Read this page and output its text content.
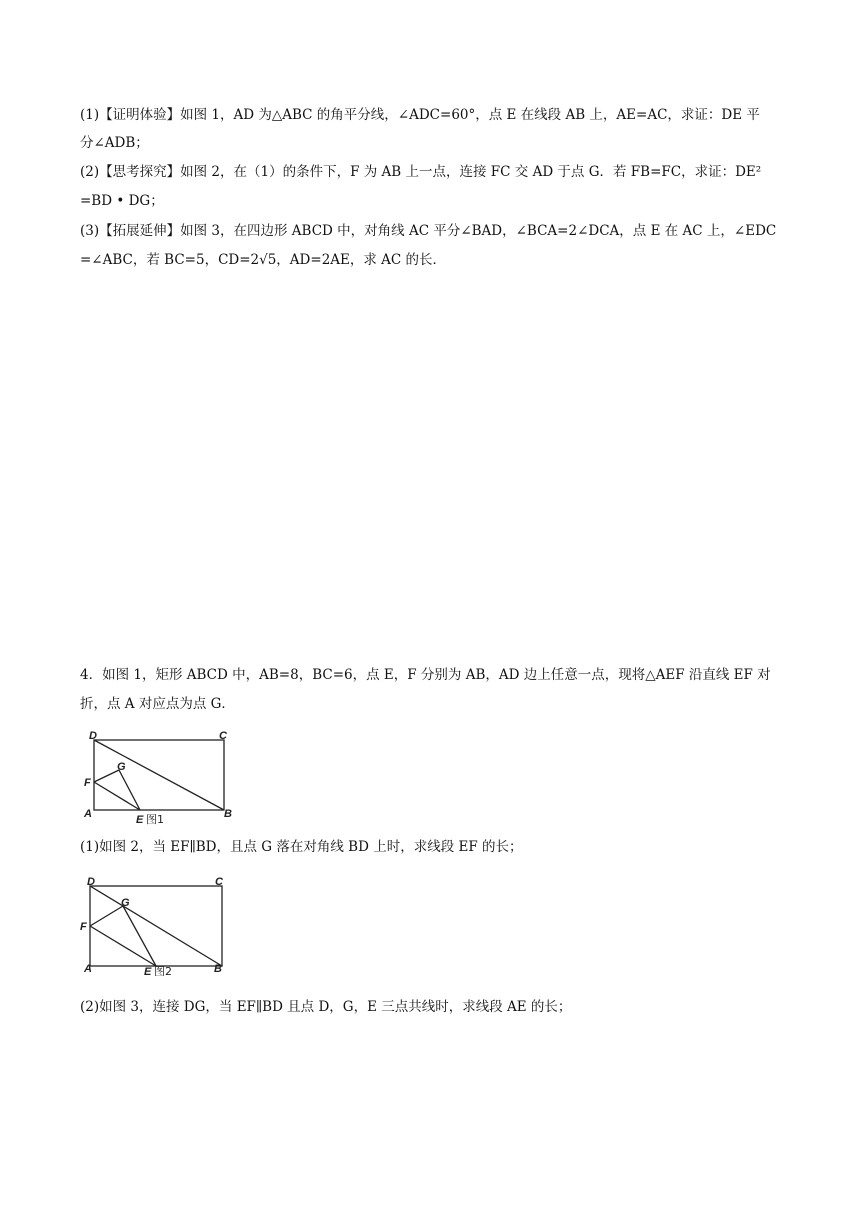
(1)【证明体验】如图 1，AD 为△ABC 的角平分线，∠ADC=60°，点 E 在线段 AB 上，AE=AC，求证：DE 平
分∠ADB；
(2)【思考探究】如图 2，在（1）的条件下，F 为 AB 上一点，连接 FC 交 AD 于点 G．若 FB=FC，求证：DE²
=BD • DG；
(3)【拓展延伸】如图 3，在四边形 ABCD 中，对角线 AC 平分∠BAD，∠BCA=2∠DCA，点 E 在 AC 上，∠EDC
=∠ABC，若 BC=5，CD=2√5，AD=2AE，求 AC 的长．
4．如图 1，矩形 ABCD 中，AB=8，BC=6，点 E，F 分别为 AB，AD 边上任意一点，现将△AEF 沿直线 EF 对
折，点 A 对应点为点 G．
D	C
F
G
A	E	B
图1
(1)如图 2，当 EF∥BD，且点 G 落在对角线 BD 上时，求线段 EF 的长；
D	C
F
G
A	E	B
图2
(2)如图 3，连接 DG，当 EF∥BD 且点 D，G，E 三点共线时，求线段 AE 的长；
